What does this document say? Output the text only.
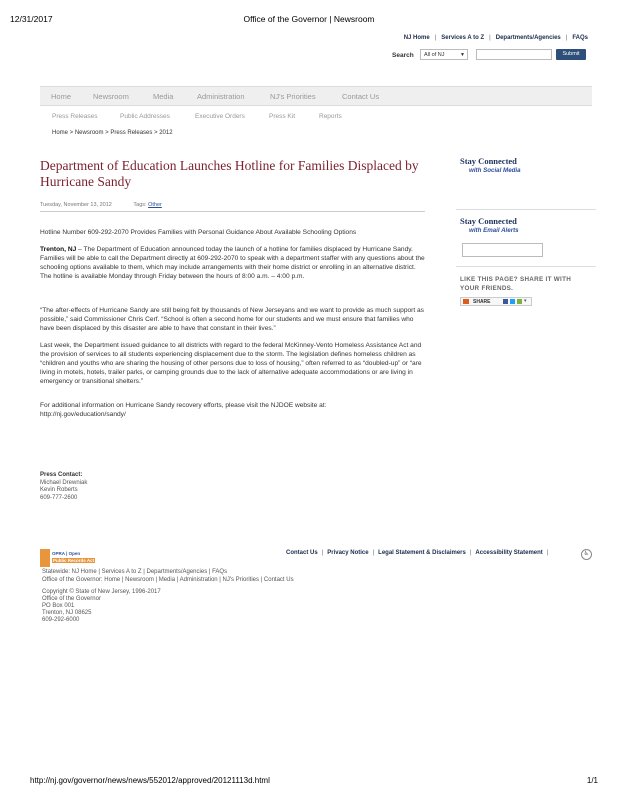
12/31/2017	Office of the Governor | Newsroom
NJ Home | Services A to Z | Departments/Agencies | FAQs
Search	All of NJ	▼	Submit
Home	Newsroom	Media	Administration	NJ's Priorities	Contact Us
Press Releases	Public Addresses	Executive Orders	Press Kit	Reports
Home > Newsroom > Press Releases > 2012
Department of Education Launches Hotline for Families Displaced by Hurricane Sandy
Tuesday, November 13, 2012	Tags: Other
Hotline Number 609-292-2070 Provides Families with Personal Guidance About Available Schooling Options
Trenton, NJ – The Department of Education announced today the launch of a hotline for families displaced by Hurricane Sandy. Families will be able to call the Department directly at 609-292-2070 to speak with a department staffer with any questions about the schooling options available to them, which may include arrangements with their home district or enrolling in an alternative district. The hotline is available Monday through Friday between the hours of 8:00 a.m. – 4:00 p.m.
“The after-effects of Hurricane Sandy are still being felt by thousands of New Jerseyans and we want to provide as much support as possible,” said Commissioner Chris Cerf. “School is often a second home for our students and we must ensure that families who have been displaced by this disaster are able to have that constant in their lives.”
Last week, the Department issued guidance to all districts with regard to the federal McKinney-Vento Homeless Assistance Act and the provision of services to all students experiencing displacement due to the storm. The legislation defines homeless children as “children and youths who are sharing the housing of other persons due to loss of housing,” often referred to as “doubled-up” or “are living in motels, hotels, trailer parks, or camping grounds due to the lack of alternative adequate accommodations or are living in emergency or transitional shelters.”
For additional information on Hurricane Sandy recovery efforts, please visit the NJDOE website at:
http://nj.gov/education/sandy/
Press Contact:
Michael Drewniak
Kevin Roberts
609-777-2600
Stay Connected
with Social Media
Stay Connected
with Email Alerts
LIKE THIS PAGE? SHARE IT WITH YOUR FRIENDS.
SHARE	▾
OPRA | Open
Public Records Act
Contact Us | Privacy Notice | Legal Statement & Disclaimers | Accessibility Statement |	♿
Statewide: NJ Home | Services A to Z | Departments/Agencies | FAQs
Office of the Governor: Home | Newsroom | Media | Administration | NJ's Priorities | Contact Us
Copyright © State of New Jersey, 1996-2017
Office of the Governor
PO Box 001
Trenton, NJ 08625
609-292-6000
http://nj.gov/governor/news/news/552012/approved/20121113d.html	1/1
